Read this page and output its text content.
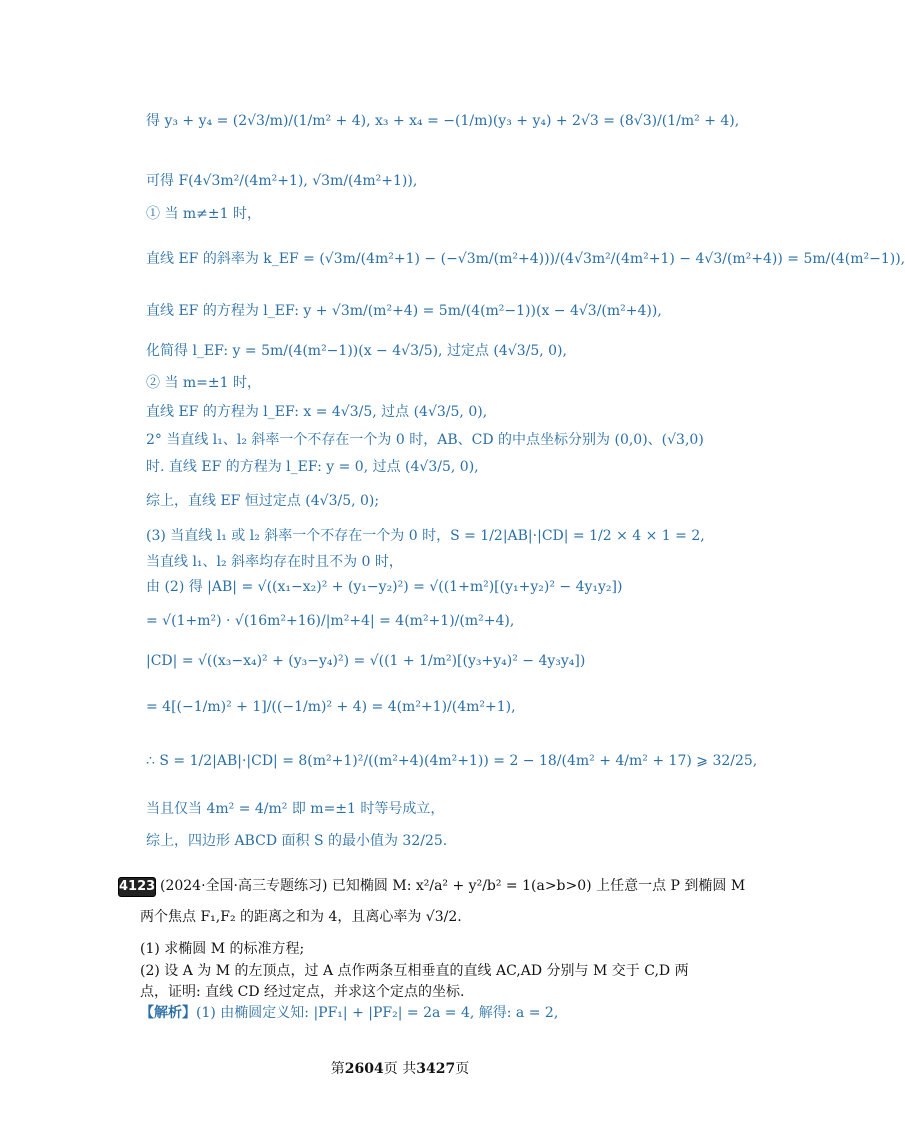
得 y₃ + y₄ = (2√3/m)/(1/m² + 4), x₃ + x₄ = −(1/m)(y₃ + y₄) + 2√3 = (8√3)/(1/m² + 4),
可得 F(4√3m²/(4m²+1), √3m/(4m²+1)),
① 当 m≠±1 时，
直线 EF 的斜率为 k_EF = (√3m/(4m²+1) − (−√3m/(m²+4)))/(4√3m²/(4m²+1) − 4√3/(m²+4)) = 5m/(4(m²−1)),
直线 EF 的方程为 l_EF: y + √3m/(m²+4) = 5m/(4(m²−1))(x − 4√3/(m²+4)),
化简得 l_EF: y = 5m/(4(m²−1))(x − 4√3/5), 过定点 (4√3/5, 0),
② 当 m=±1 时，
直线 EF 的方程为 l_EF: x = 4√3/5, 过点 (4√3/5, 0),
2° 当直线 l₁、l₂ 斜率一个不存在一个为 0 时，AB、CD 的中点坐标分别为 (0,0)、(√3,0)
时. 直线 EF 的方程为 l_EF: y = 0, 过点 (4√3/5, 0),
综上，直线 EF 恒过定点 (4√3/5, 0);
(3) 当直线 l₁ 或 l₂ 斜率一个不存在一个为 0 时，S = 1/2|AB|·|CD| = 1/2 × 4 × 1 = 2,
当直线 l₁、l₂ 斜率均存在时且不为 0 时，
由 (2) 得 |AB| = √((x₁−x₂)² + (y₁−y₂)²) = √((1+m²)[(y₁+y₂)² − 4y₁y₂])
= √(1+m²) · √(16m²+16)/|m²+4| = 4(m²+1)/(m²+4),
|CD| = √((x₃−x₄)² + (y₃−y₄)²) = √((1 + 1/m²)[(y₃+y₄)² − 4y₃y₄])
= 4[(−1/m)² + 1]/((−1/m)² + 4) = 4(m²+1)/(4m²+1),
∴ S = 1/2|AB|·|CD| = 8(m²+1)²/((m²+4)(4m²+1)) = 2 − 18/(4m² + 4/m² + 17) ⩾ 32/25,
当且仅当 4m² = 4/m² 即 m=±1 时等号成立，
综上，四边形 ABCD 面积 S 的最小值为 32/25.
4123 (2024·全国·高三专题练习) 已知椭圆 M: x²/a² + y²/b² = 1(a>b>0) 上任意一点 P 到椭圆 M
两个焦点 F₁,F₂ 的距离之和为 4，且离心率为 √3/2.
(1) 求椭圆 M 的标准方程;
(2) 设 A 为 M 的左顶点，过 A 点作两条互相垂直的直线 AC,AD 分别与 M 交于 C,D 两
点，证明: 直线 CD 经过定点，并求这个定点的坐标.
【解析】(1) 由椭圆定义知: |PF₁| + |PF₂| = 2a = 4, 解得: a = 2,
第2604页 共3427页
